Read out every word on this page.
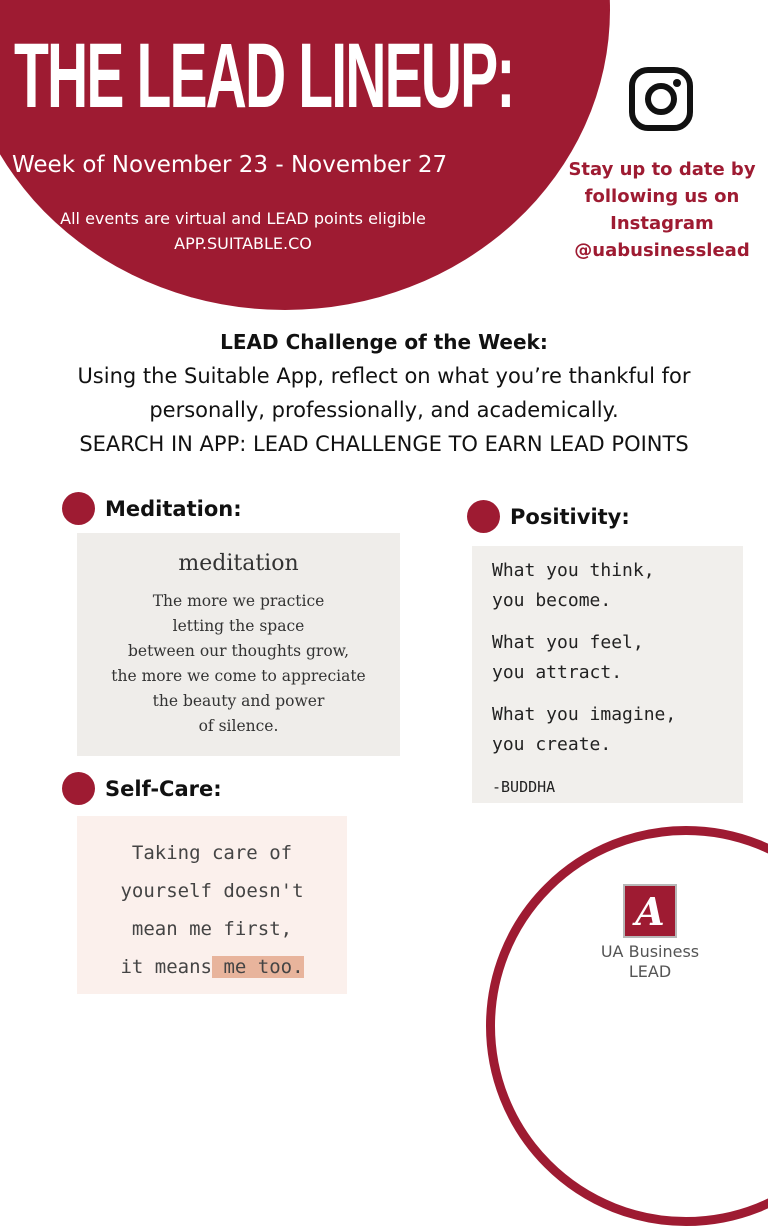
THE LEAD LINEUP:
Week of November 23 - November 27
All events are virtual and LEAD points eligible
APP.SUITABLE.CO
Stay up to date by
following us on
Instagram
@uabusinesslead
LEAD Challenge of the Week:
Using the Suitable App, reflect on what you’re thankful for
personally, professionally, and academically.
SEARCH IN APP: LEAD CHALLENGE TO EARN LEAD POINTS
Meditation:
meditation
The more we practice
letting the space
between our thoughts grow,
the more we come to appreciate
the beauty and power
of silence.
Positivity:
What you think,
you become.
What you feel,
you attract.
What you imagine,
you create.
-BUDDHA
Self-Care:
Taking care of
yourself doesn't
mean me first,
it means me too.
A
UA Business
LEAD
